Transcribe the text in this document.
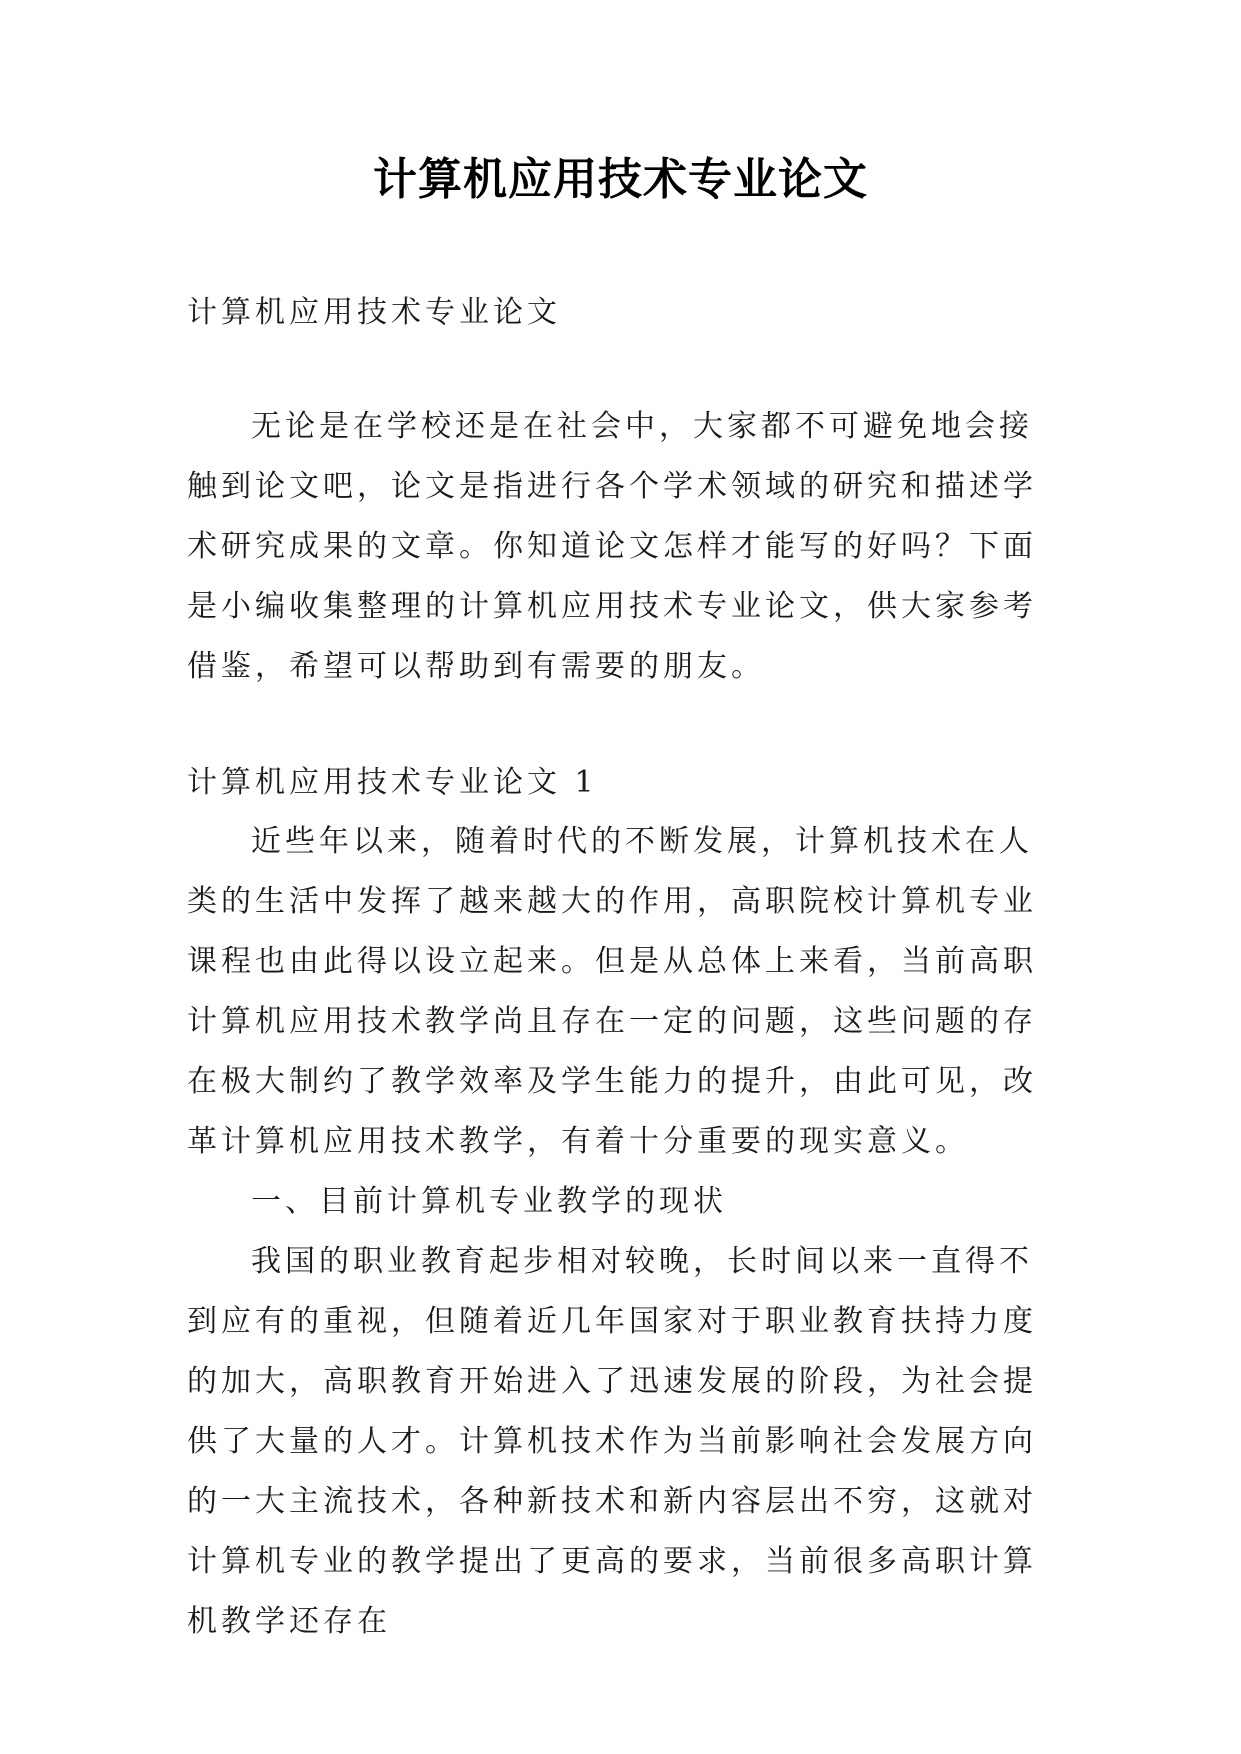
计算机应用技术专业论文

计算机应用技术专业论文

无论是在学校还是在社会中，大家都不可避免地会接触到论文吧，论文是指进行各个学术领域的研究和描述学术研究成果的文章。你知道论文怎样才能写的好吗？下面是小编收集整理的计算机应用技术专业论文，供大家参考借鉴，希望可以帮助到有需要的朋友。

计算机应用技术专业论文 1

近些年以来，随着时代的不断发展，计算机技术在人类的生活中发挥了越来越大的作用，高职院校计算机专业课程也由此得以设立起来。但是从总体上来看，当前高职计算机应用技术教学尚且存在一定的问题，这些问题的存在极大制约了教学效率及学生能力的提升，由此可见，改革计算机应用技术教学，有着十分重要的现实意义。

一、目前计算机专业教学的现状

我国的职业教育起步相对较晚，长时间以来一直得不到应有的重视，但随着近几年国家对于职业教育扶持力度的加大，高职教育开始进入了迅速发展的阶段，为社会提供了大量的人才。计算机技术作为当前影响社会发展方向的一大主流技术，各种新技术和新内容层出不穷，这就对计算机专业的教学提出了更高的要求，当前很多高职计算机教学还存在
